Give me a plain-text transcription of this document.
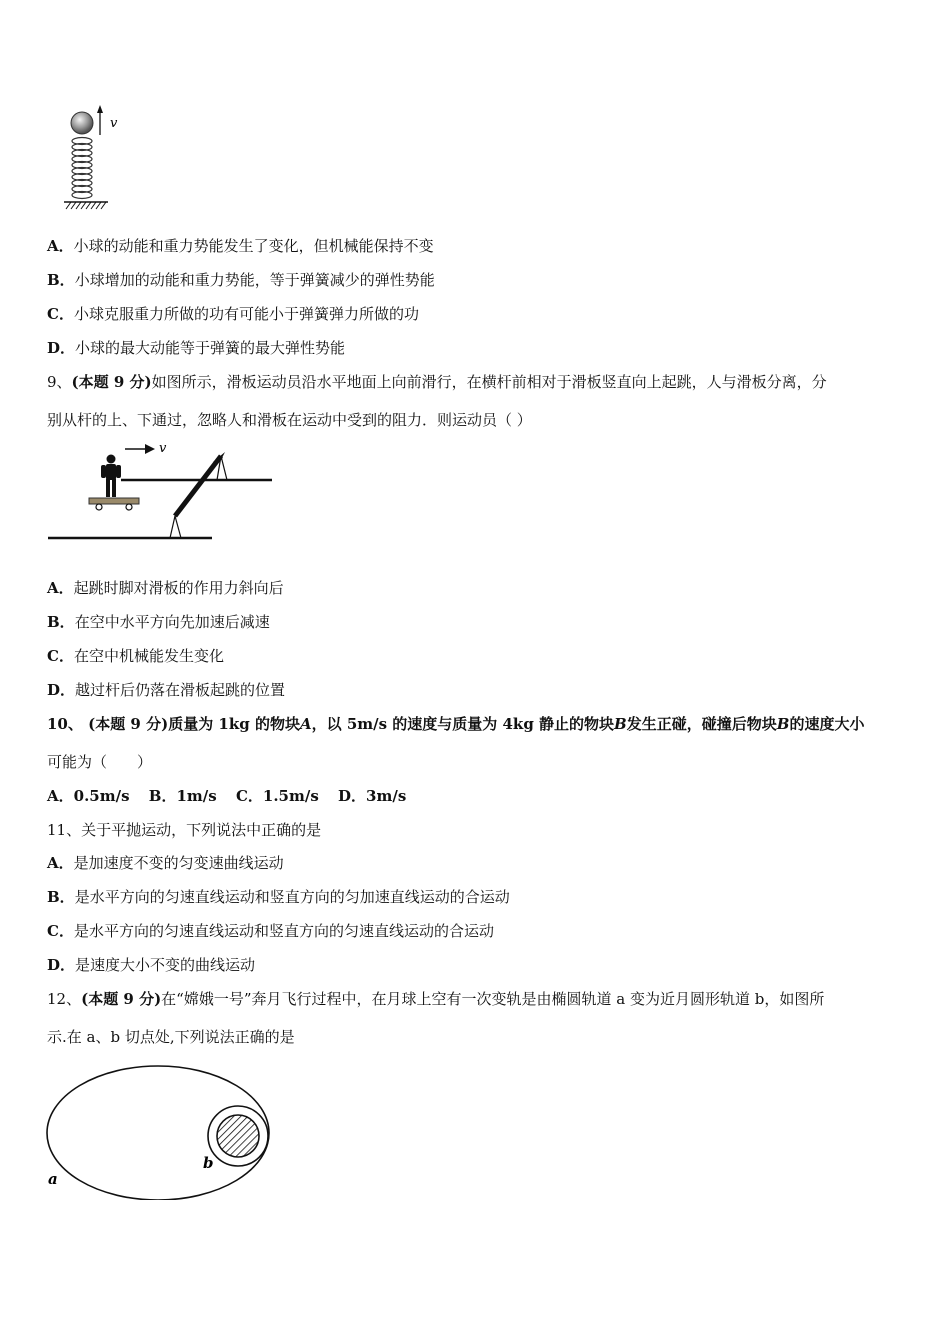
v
A．小球的动能和重力势能发生了变化，但机械能保持不变
B．小球增加的动能和重力势能，等于弹簧减少的弹性势能
C．小球克服重力所做的功有可能小于弹簧弹力所做的功
D．小球的最大动能等于弹簧的最大弹性势能
9、(本题 9 分)如图所示，滑板运动员沿水平地面上向前滑行，在横杆前相对于滑板竖直向上起跳，人与滑板分离，分
别从杆的上、下通过，忽略人和滑板在运动中受到的阻力．则运动员（ ）
v
A．起跳时脚对滑板的作用力斜向后
B．在空中水平方向先加速后减速
C．在空中机械能发生变化
D．越过杆后仍落在滑板起跳的位置
10、 (本题 9 分)质量为 1kg 的物块A，以 5m/s 的速度与质量为 4kg 静止的物块B发生正碰，碰撞后物块B的速度大小
可能为（　　）
A．0.5m/s B．1m/s C．1.5m/s D．3m/s
11、关于平抛运动，下列说法中正确的是
A．是加速度不变的匀变速曲线运动
B．是水平方向的匀速直线运动和竖直方向的匀加速直线运动的合运动
C．是水平方向的匀速直线运动和竖直方向的匀速直线运动的合运动
D．是速度大小不变的曲线运动
12、(本题 9 分)在“嫦娥一号”奔月飞行过程中，在月球上空有一次变轨是由椭圆轨道 a 变为近月圆形轨道 b，如图所
示.在 a、b 切点处,下列说法正确的是
a
b
